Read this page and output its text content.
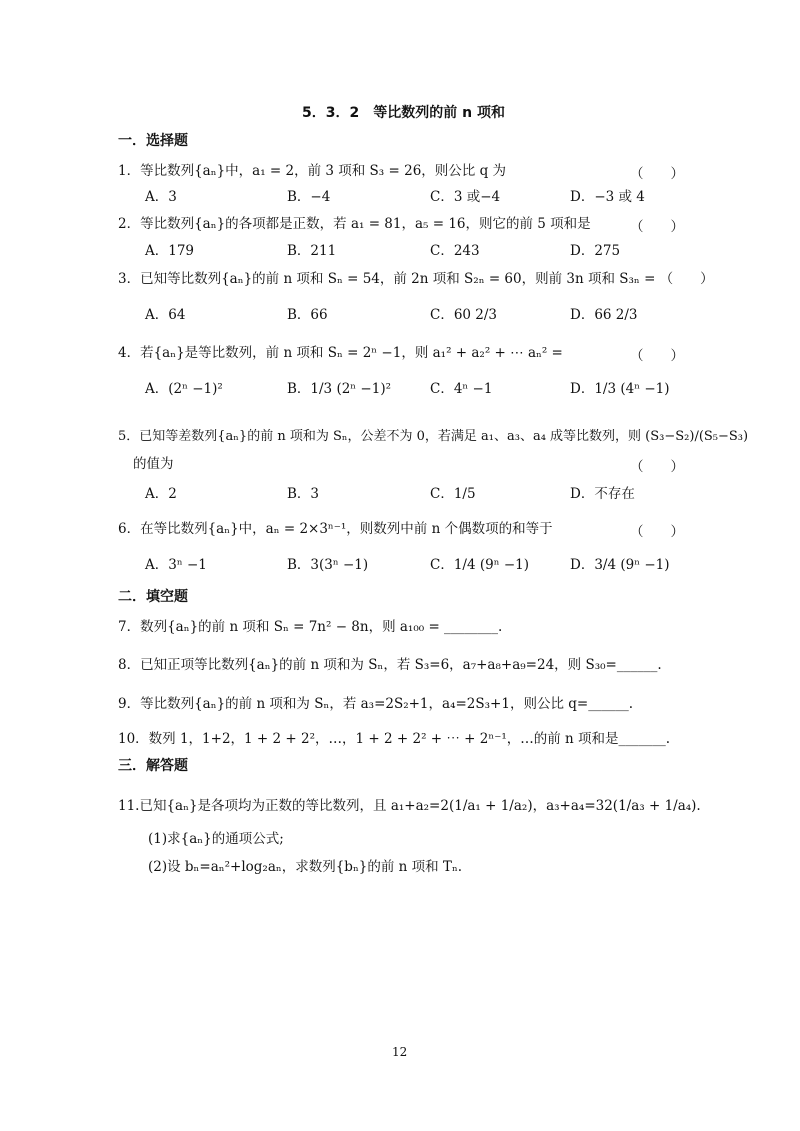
5．3．2　等比数列的前 n 项和
一．选择题
1．等比数列{aₙ}中，a₁ = 2，前 3 项和 S₃ = 26，则公比 q 为	（　　）
A．3	B．−4	C．3 或−4	D．−3 或 4
2．等比数列{aₙ}的各项都是正数，若 a₁ = 81，a₅ = 16，则它的前 5 项和是	（　　）
A．179	B．211	C．243	D．275
3．已知等比数列{aₙ}的前 n 项和 Sₙ = 54，前 2n 项和 S₂ₙ = 60，则前 3n 项和 S₃ₙ = （　　）
A．64	B．66	C．60 2/3	D．66 2/3
4．若{aₙ}是等比数列，前 n 项和 Sₙ = 2ⁿ −1，则 a₁² + a₂² + ⋯ aₙ² =	（　　）
A．(2ⁿ −1)²	B．1/3 (2ⁿ −1)²	C．4ⁿ −1	D．1/3 (4ⁿ −1)
5．已知等差数列{aₙ}的前 n 项和为 Sₙ，公差不为 0，若满足 a₁、a₃、a₄ 成等比数列，则 (S₃−S₂)/(S₅−S₃)
的值为	（　　）
A．2	B．3	C．1/5	D．不存在
6．在等比数列{aₙ}中，aₙ = 2×3ⁿ⁻¹，则数列中前 n 个偶数项的和等于	（　　）
A．3ⁿ −1	B．3(3ⁿ −1)	C．1/4 (9ⁿ −1)	D．3/4 (9ⁿ −1)
二．填空题
7．数列{aₙ}的前 n 项和 Sₙ = 7n² − 8n，则 a₁₀₀ = ________.
8．已知正项等比数列{aₙ}的前 n 项和为 Sₙ，若 S₃=6，a₇+a₈+a₉=24，则 S₃₀=______.
9．等比数列{aₙ}的前 n 项和为 Sₙ，若 a₃=2S₂+1，a₄=2S₃+1，则公比 q=______.
10．数列 1，1+2，1 + 2 + 2²，…，1 + 2 + 2² + ⋯ + 2ⁿ⁻¹，…的前 n 项和是_______.
三．解答题
11.已知{aₙ}是各项均为正数的等比数列，且 a₁+a₂=2(1/a₁ + 1/a₂)，a₃+a₄=32(1/a₃ + 1/a₄).
(1)求{aₙ}的通项公式;
(2)设 bₙ=aₙ²+log₂aₙ，求数列{bₙ}的前 n 项和 Tₙ.
12
